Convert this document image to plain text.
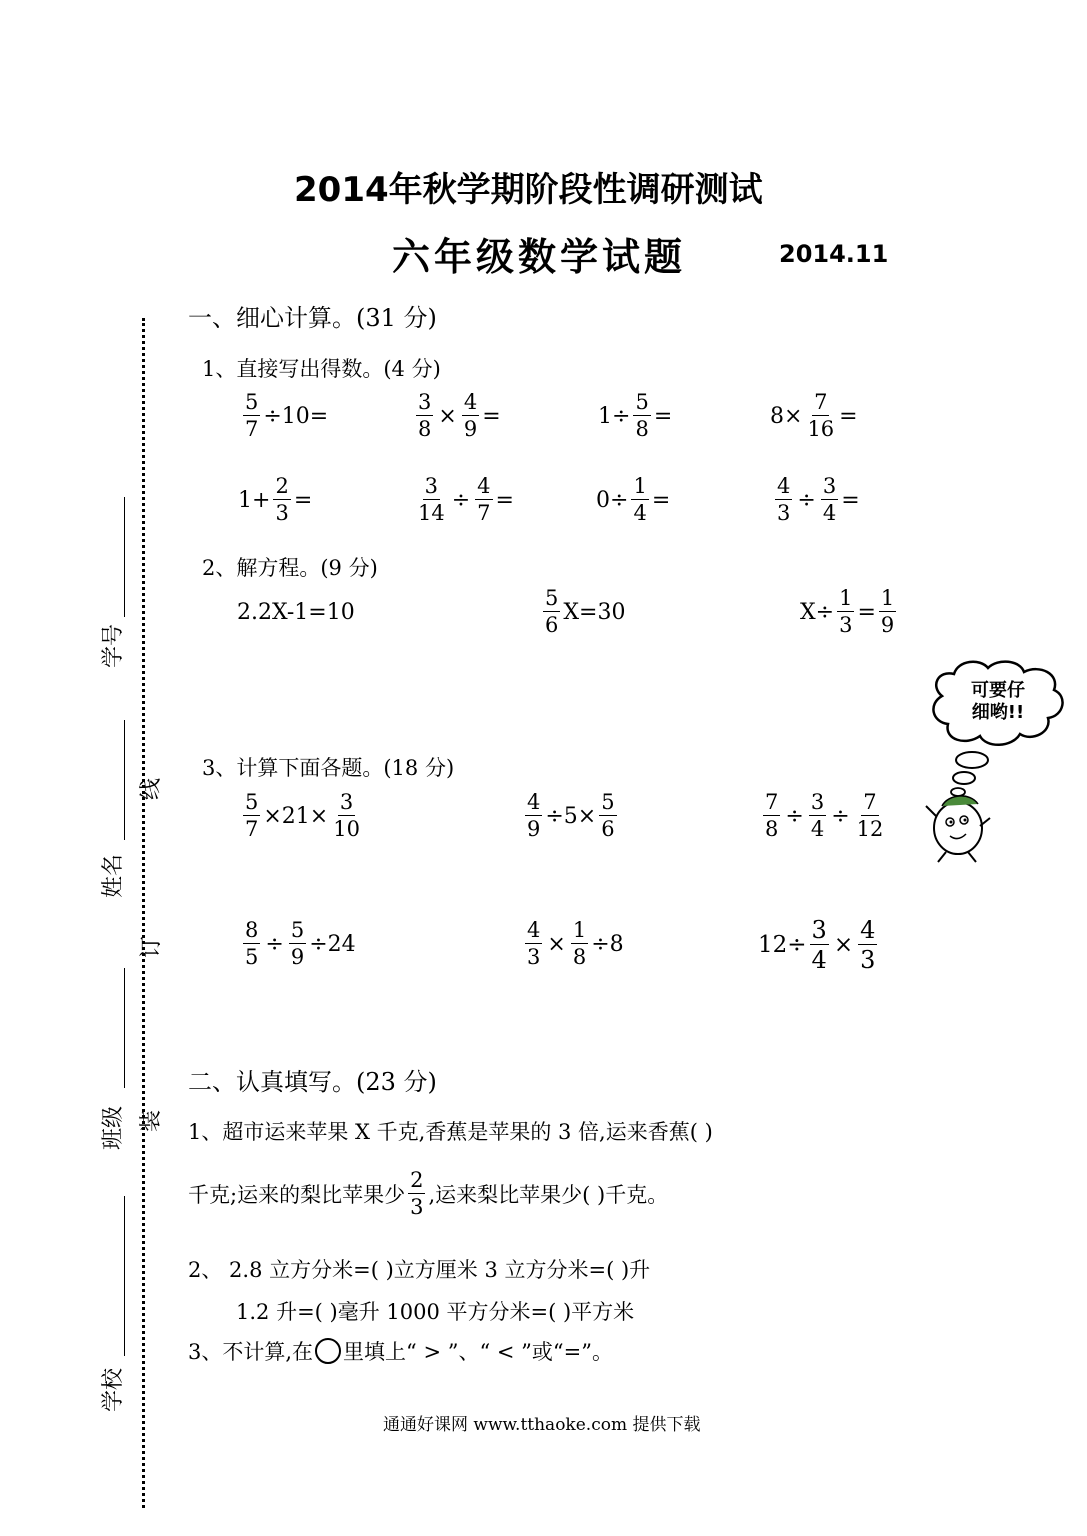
2014年秋学期阶段性调研测试
六年级数学试题	2014.11
学号
姓名
班级
学校
线
订
装
一、细心计算。(31 分)
1、直接写出得数。(4 分)
$\frac{5}{7} \div 10=$	$\frac{3}{8} \times \frac{4}{9}$ =	$1\div \frac{5}{8}$ =	$8\times \frac{7}{16}$ =
$1+ \frac{2}{3}$ =	$\frac{3}{14} \div \frac{4}{7}$ =	$0\div \frac{1}{4}$ =	$\frac{4}{3} \div \frac{3}{4}$ =
2、解方程。(9 分)
2.2X-1=10	$\frac{5}{6} X=30$	$X\div \frac{1}{3} = \frac{1}{9}$
可要仔
细哟!!
3、计算下面各题。(18 分)
$\frac{5}{7} \times 21\times \frac{3}{10}$	$\frac{4}{9} \div 5\times \frac{5}{6}$	$\frac{7}{8} \div \frac{3}{4} \div \frac{7}{12}$
$\frac{8}{5} \div \frac{5}{9} \div 24$	$\frac{4}{3} \times \frac{1}{8} \div 8$	$12\div \frac{3}{4} \times \frac{4}{3}$
二、认真填写。(23 分)
1、超市运来苹果 X 千克,香蕉是苹果的 3 倍,运来香蕉( )
千克;运来的梨比苹果少 $\frac{2}{3}$ ,运来梨比苹果少( )千克。
2、 2.8 立方分米=( )立方厘米 3 立方分米=( )升
1.2 升=( )毫升 1000 平方分米=( )平方米
3、不计算,在 里填上“ > ”、“ < ”或“=”。
通通好课网 www.tthaoke.com 提供下载
